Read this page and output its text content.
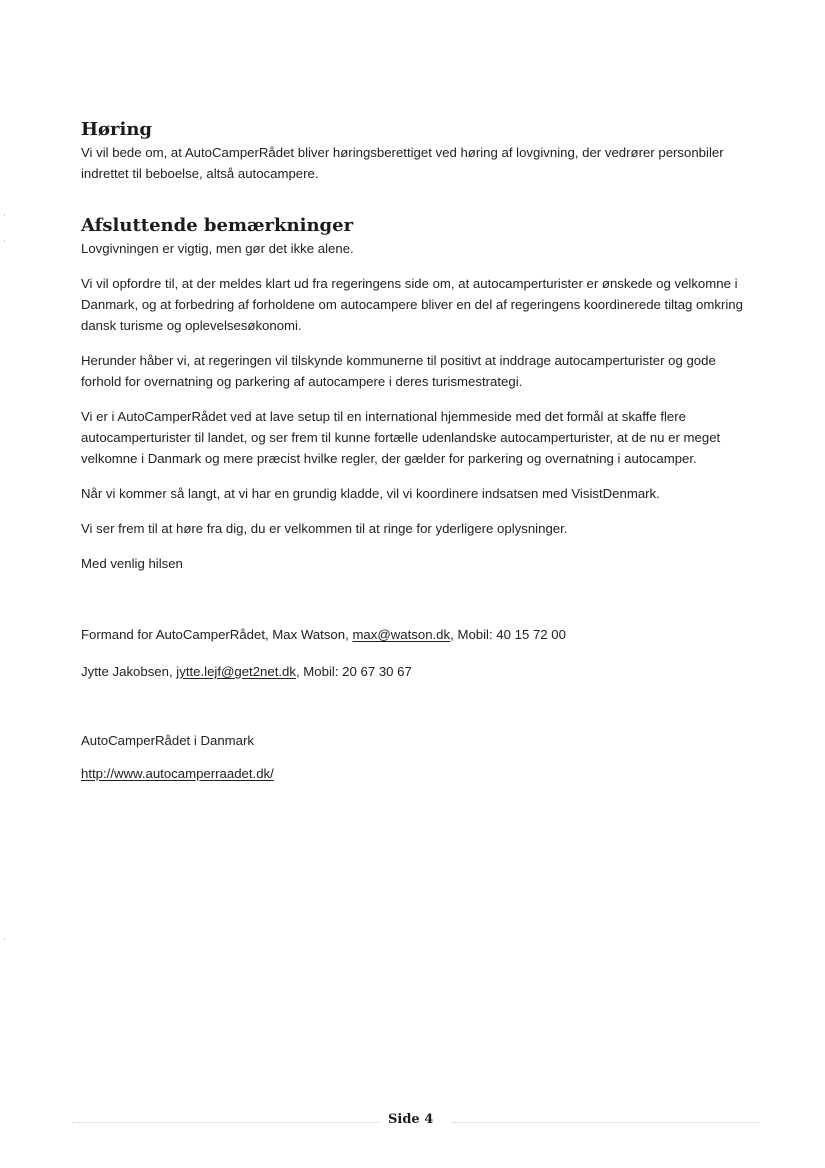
Høring

Vi vil bede om, at AutoCamperRådet bliver høringsberettiget ved høring af lovgivning, der vedrører personbiler indrettet til beboelse, altså autocampere.

Afsluttende bemærkninger

Lovgivningen er vigtig, men gør det ikke alene.

Vi vil opfordre til, at der meldes klart ud fra regeringens side om, at autocamperturister er ønskede og velkomne i Danmark, og at forbedring af forholdene om autocampere bliver en del af regeringens koordinerede tiltag omkring dansk turisme og oplevelsesøkonomi.

Herunder håber vi, at regeringen vil tilskynde kommunerne til positivt at inddrage autocamperturister og gode forhold for overnatning og parkering af autocampere i deres turismestrategi.

Vi er i AutoCamperRådet ved at lave setup til en international hjemmeside med det formål at skaffe flere autocamperturister til landet, og ser frem til kunne fortælle udenlandske autocamperturister, at de nu er meget velkomne i Danmark og mere præcist hvilke regler, der gælder for parkering og overnatning i autocamper.

Når vi kommer så langt, at vi har en grundig kladde, vil vi koordinere indsatsen med VisistDenmark.

Vi ser frem til at høre fra dig, du er velkommen til at ringe for yderligere oplysninger.

Med venlig hilsen

Formand for AutoCamperRådet, Max Watson, max@watson.dk, Mobil: 40 15 72 00

Jytte Jakobsen, jytte.lejf@get2net.dk, Mobil: 20 67 30 67

AutoCamperRådet i Danmark

http://www.autocamperraadet.dk/

Side 4
